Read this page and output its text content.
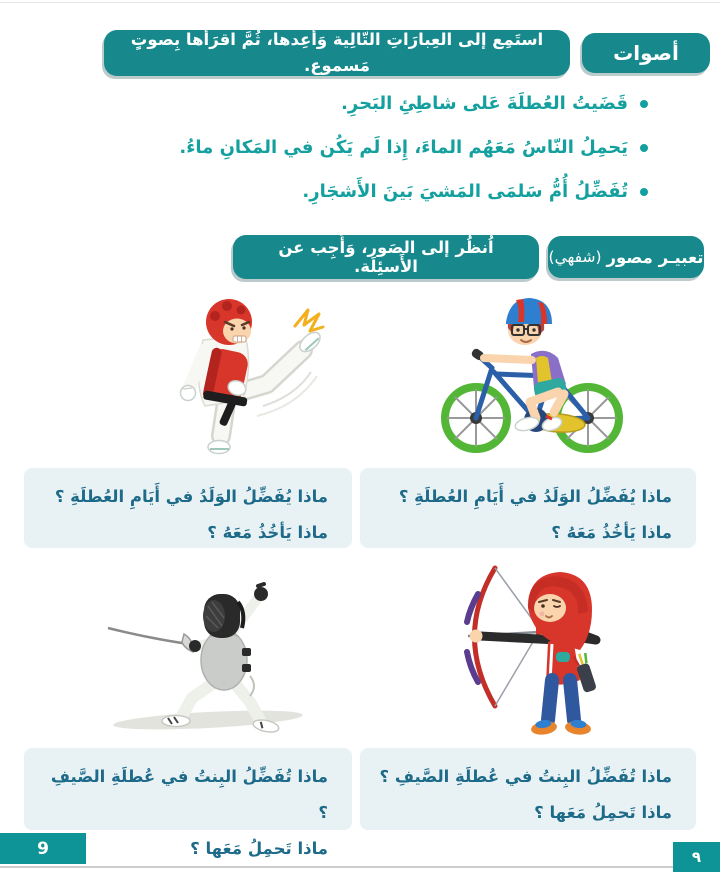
أصوات
استَمِع إلى العِبارَاتِ التّالِية وَأَعِدها، ثُمَّ اقرَأها بِصوتٍ مَسموع.
قَضَيتُ العُطلَةَ عَلى شاطِئِ البَحرِ.
يَحمِلُ النّاسُ مَعَهُم الماءَ، إِذا لَم يَكُن في المَكانِ ماءُ.
تُفَضِّلُ أُمُّ سَلمَى المَشيَ بَينَ الأَشجَارِ.
تعبيـر مصور
(شفهي)
اُنظُر إلى الصَور، وَأَجِب عن الأَسئِلَة.
ماذا يُفَضِّلُ الوَلَدُ في أَيَامِ العُطلَةِ ؟
ماذا يَأخُذُ مَعَهُ ؟
ماذا يُفَضِّلُ الوَلَدُ في أَيَامِ العُطلَةِ ؟
ماذا يَأخُذُ مَعَهُ ؟
ماذا تُفَضِّلُ البِنتُ في عُطلَةِ الصَّيفِ ؟
ماذا تَحمِلُ مَعَها ؟
ماذا تُفَضِّلُ البِنتُ في عُطلَةِ الصَّيفِ ؟
ماذا تَحمِلُ مَعَها ؟
9	٩
